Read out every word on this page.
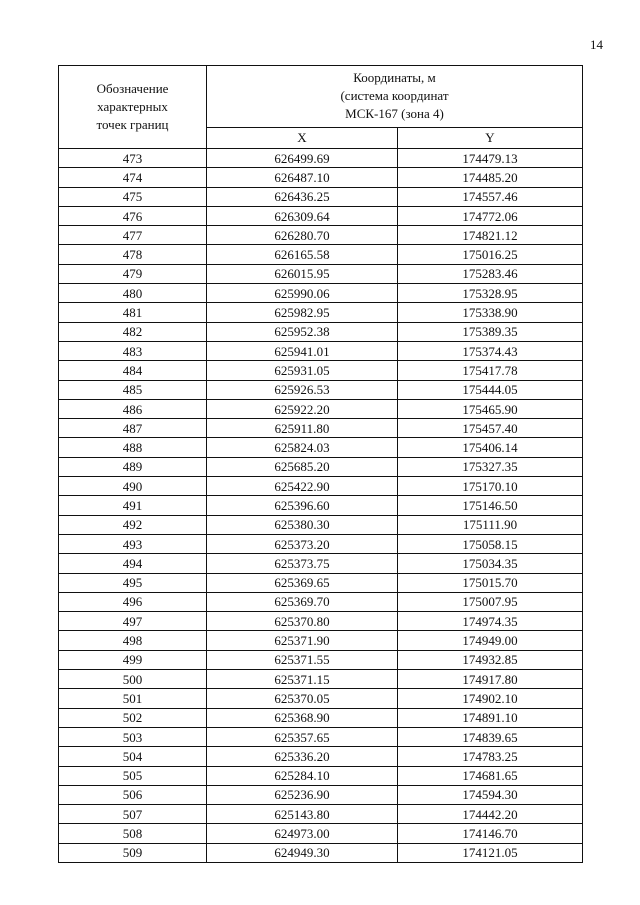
14
Обозначение
характерных
точек границ	Координаты, м
(система координат
МСК-167 (зона 4)	

	X	Y
473	626499.69	174479.13
474	626487.10	174485.20
475	626436.25	174557.46
476	626309.64	174772.06
477	626280.70	174821.12
478	626165.58	175016.25
479	626015.95	175283.46
480	625990.06	175328.95
481	625982.95	175338.90
482	625952.38	175389.35
483	625941.01	175374.43
484	625931.05	175417.78
485	625926.53	175444.05
486	625922.20	175465.90
487	625911.80	175457.40
488	625824.03	175406.14
489	625685.20	175327.35
490	625422.90	175170.10
491	625396.60	175146.50
492	625380.30	175111.90
493	625373.20	175058.15
494	625373.75	175034.35
495	625369.65	175015.70
496	625369.70	175007.95
497	625370.80	174974.35
498	625371.90	174949.00
499	625371.55	174932.85
500	625371.15	174917.80
501	625370.05	174902.10
502	625368.90	174891.10
503	625357.65	174839.65
504	625336.20	174783.25
505	625284.10	174681.65
506	625236.90	174594.30
507	625143.80	174442.20
508	624973.00	174146.70
509	624949.30	174121.05
